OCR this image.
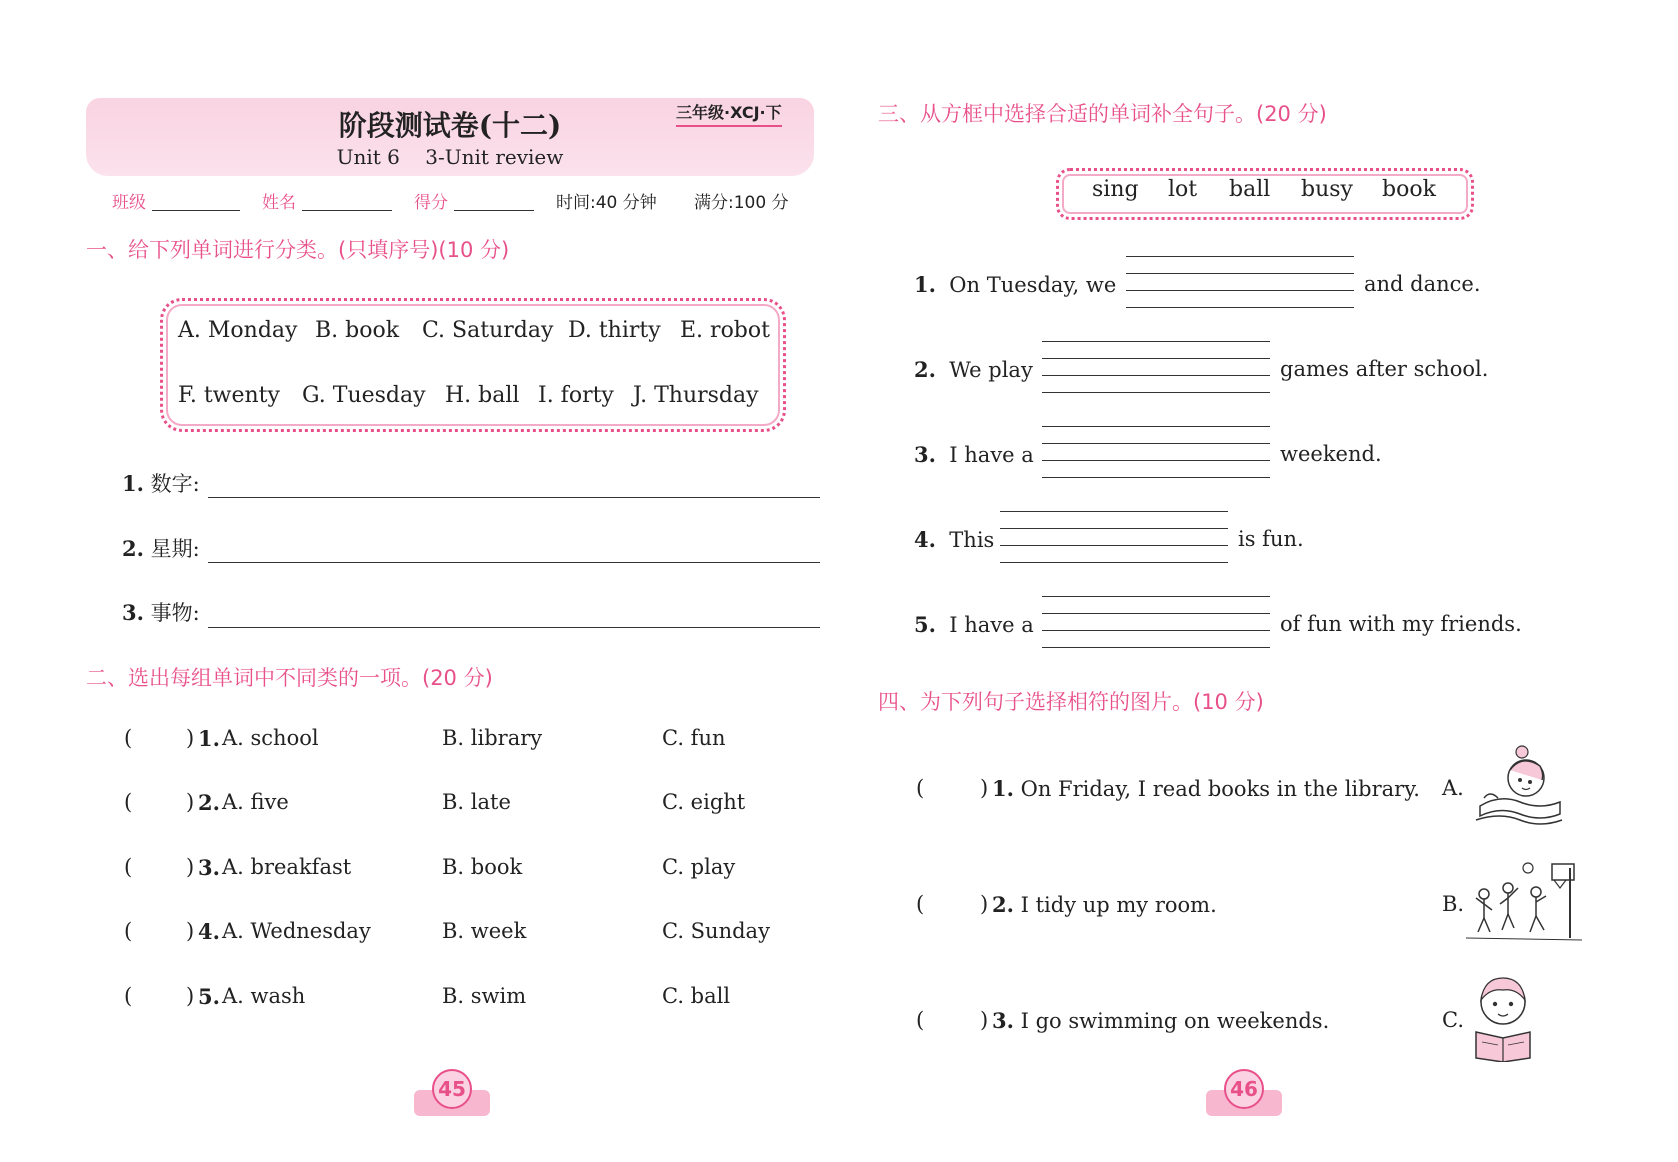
阶段测试卷(十二)
Unit 6    3-Unit review
三年级·XCJ·下
班级	姓名	得分	时间:40 分钟 满分:100 分
一、给下列单词进行分类。(只填序号)(10 分)
A. Monday B. book C. Saturday D. thirty E. robot
F. twenty G. Tuesday H. ball I. forty J. Thursday
1. 数字:
2. 星期:
3. 事物:
二、选出每组单词中不同类的一项。(20 分)
(	) 1. A. school	B. library	C. fun
(	) 2. A. five	B. late	C. eight
(	) 3. A. breakfast	B. book	C. play
(	) 4. A. Wednesday	B. week	C. Sunday
(	) 5. A. wash	B. swim	C. ball
45
三、从方框中选择合适的单词补全句子。(20 分)
sing lot ball busy book
1. On Tuesday, we	and dance.
2. We play	games after school.
3. I have a	weekend.
4. This	is fun.
5. I have a	of fun with my friends.
四、为下列句子选择相符的图片。(10 分)
(	) 1. On Friday, I read books in the library. A.
(	) 2. I tidy up my room.	B.
(	) 3. I go swimming on weekends.	C.
46
